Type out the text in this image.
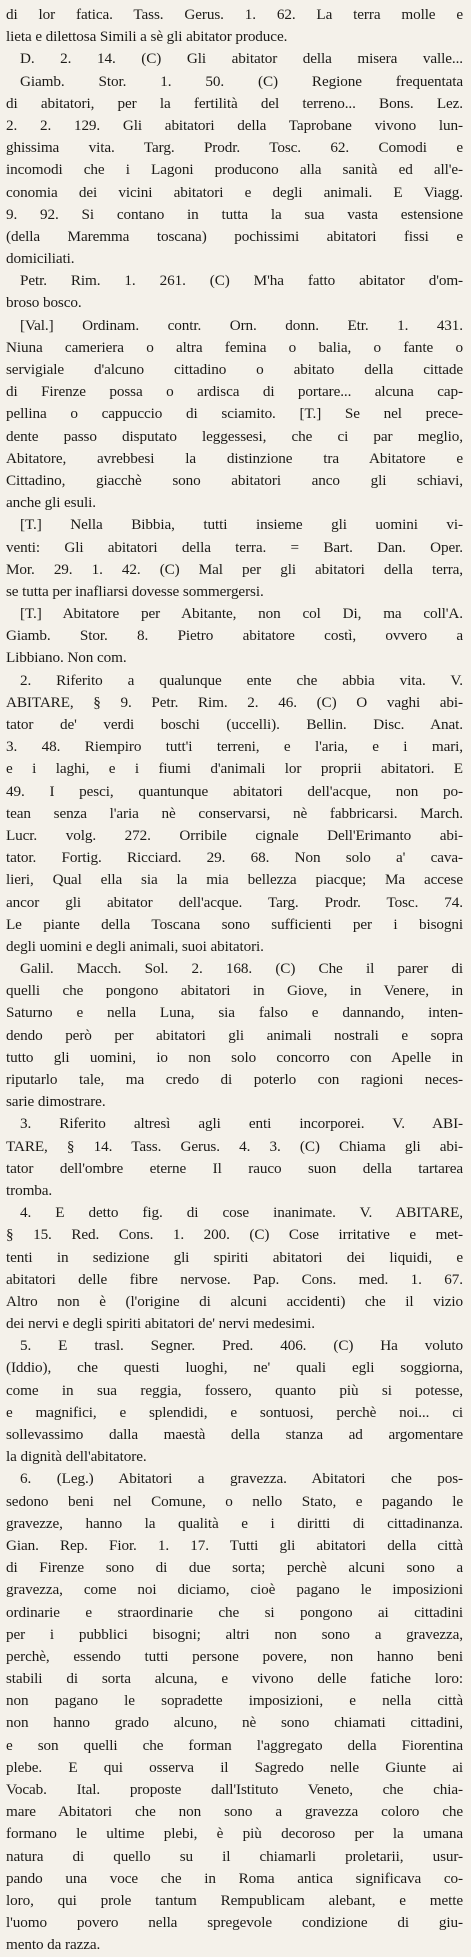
di lor fatica. Tass. Gerus. 1. 62. La terra molle e

lieta e dilettosa Simili a sè gli abitator produce.

D. 2. 14. (C) Gli abitator della misera valle...

Giamb. Stor. 1. 50. (C) Regione frequentata

di abitatori, per la fertilità del terreno... Bons. Lez.

2. 2. 129. Gli abitatori della Taprobane vivono lun-

ghissima vita. Targ. Prodr. Tosc. 62. Comodi e

incomodi che i Lagoni producono alla sanità ed all'e-

conomia dei vicini abitatori e degli animali. E Viagg.

9. 92. Si contano in tutta la sua vasta estensione

(della Maremma toscana) pochissimi abitatori fissi e

domiciliati.

Petr. Rim. 1. 261. (C) M'ha fatto abitator d'om-

broso bosco.

[Val.] Ordinam. contr. Orn. donn. Etr. 1. 431.

Niuna cameriera o altra femina o balia, o fante o

servigiale d'alcuno cittadino o abitato della cittade

di Firenze possa o ardisca di portare... alcuna cap-

pellina o cappuccio di sciamito. [T.] Se nel prece-

dente passo disputato leggessesi, che ci par meglio,

Abitatore, avrebbesi la distinzione tra Abitatore e

Cittadino, giacchè sono abitatori anco gli schiavi,

anche gli esuli.

[T.] Nella Bibbia, tutti insieme gli uomini vi-

venti: Gli abitatori della terra. = Bart. Dan. Oper.

Mor. 29. 1. 42. (C) Mal per gli abitatori della terra,

se tutta per inafliarsi dovesse sommergersi.

[T.] Abitatore per Abitante, non col Di, ma coll'A.

Giamb. Stor. 8. Pietro abitatore costì, ovvero a

Libbiano. Non com.

2. Riferito a qualunque ente che abbia vita. V.

ABITARE, § 9. Petr. Rim. 2. 46. (C) O vaghi abi-

tator de' verdi boschi (uccelli). Bellin. Disc. Anat.

3. 48. Riempiro tutt'i terreni, e l'aria, e i mari,

e i laghi, e i fiumi d'animali lor proprii abitatori. E

49. I pesci, quantunque abitatori dell'acque, non po-

tean senza l'aria nè conservarsi, nè fabbricarsi. March.

Lucr. volg. 272. Orribile cignale Dell'Erimanto abi-

tator. Fortig. Ricciard. 29. 68. Non solo a' cava-

lieri, Qual ella sia la mia bellezza piacque; Ma accese

ancor gli abitator dell'acque. Targ. Prodr. Tosc. 74.

Le piante della Toscana sono sufficienti per i bisogni

degli uomini e degli animali, suoi abitatori.

Galil. Macch. Sol. 2. 168. (C) Che il parer di

quelli che pongono abitatori in Giove, in Venere, in

Saturno e nella Luna, sia falso e dannando, inten-

dendo però per abitatori gli animali nostrali e sopra

tutto gli uomini, io non solo concorro con Apelle in

riputarlo tale, ma credo di poterlo con ragioni neces-

sarie dimostrare.

3. Riferito altresì agli enti incorporei. V. ABI-

TARE, § 14. Tass. Gerus. 4. 3. (C) Chiama gli abi-

tator dell'ombre eterne Il rauco suon della tartarea

tromba.

4. E detto fig. di cose inanimate. V. ABITARE,

§ 15. Red. Cons. 1. 200. (C) Cose irritative e met-

tenti in sedizione gli spiriti abitatori dei liquidi, e

abitatori delle fibre nervose. Pap. Cons. med. 1. 67.

Altro non è (l'origine di alcuni accidenti) che il vizio

dei nervi e degli spiriti abitatori de' nervi medesimi.

5. E trasl. Segner. Pred. 406. (C) Ha voluto

(Iddio), che questi luoghi, ne' quali egli soggiorna,

come in sua reggia, fossero, quanto più si potesse,

e magnifici, e splendidi, e sontuosi, perchè noi... ci

sollevassimo dalla maestà della stanza ad argomentare

la dignità dell'abitatore.

6. (Leg.) Abitatori a gravezza. Abitatori che pos-

sedono beni nel Comune, o nello Stato, e pagando le

gravezze, hanno la qualità e i diritti di cittadinanza.

Gian. Rep. Fior. 1. 17. Tutti gli abitatori della città

di Firenze sono di due sorta; perchè alcuni sono a

gravezza, come noi diciamo, cioè pagano le imposizioni

ordinarie e straordinarie che si pongono ai cittadini

per i pubblici bisogni; altri non sono a gravezza,

perchè, essendo tutti persone povere, non hanno beni

stabili di sorta alcuna, e vivono delle fatiche loro:

non pagano le sopradette imposizioni, e nella città

non hanno grado alcuno, nè sono chiamati cittadini,

e son quelli che forman l'aggregato della Fiorentina

plebe. E qui osserva il Sagredo nelle Giunte ai

Vocab. Ital. proposte dall'Istituto Veneto, che chia-

mare Abitatori che non sono a gravezza coloro che

formano le ultime plebi, è più decoroso per la umana

natura di quello su il chiamarli proletarii, usur-

pando una voce che in Roma antica significava co-

loro, qui prole tantum Rempublicam alebant, e mette

l'uomo povero nella spregevole condizione di giu-

mento da razza.
